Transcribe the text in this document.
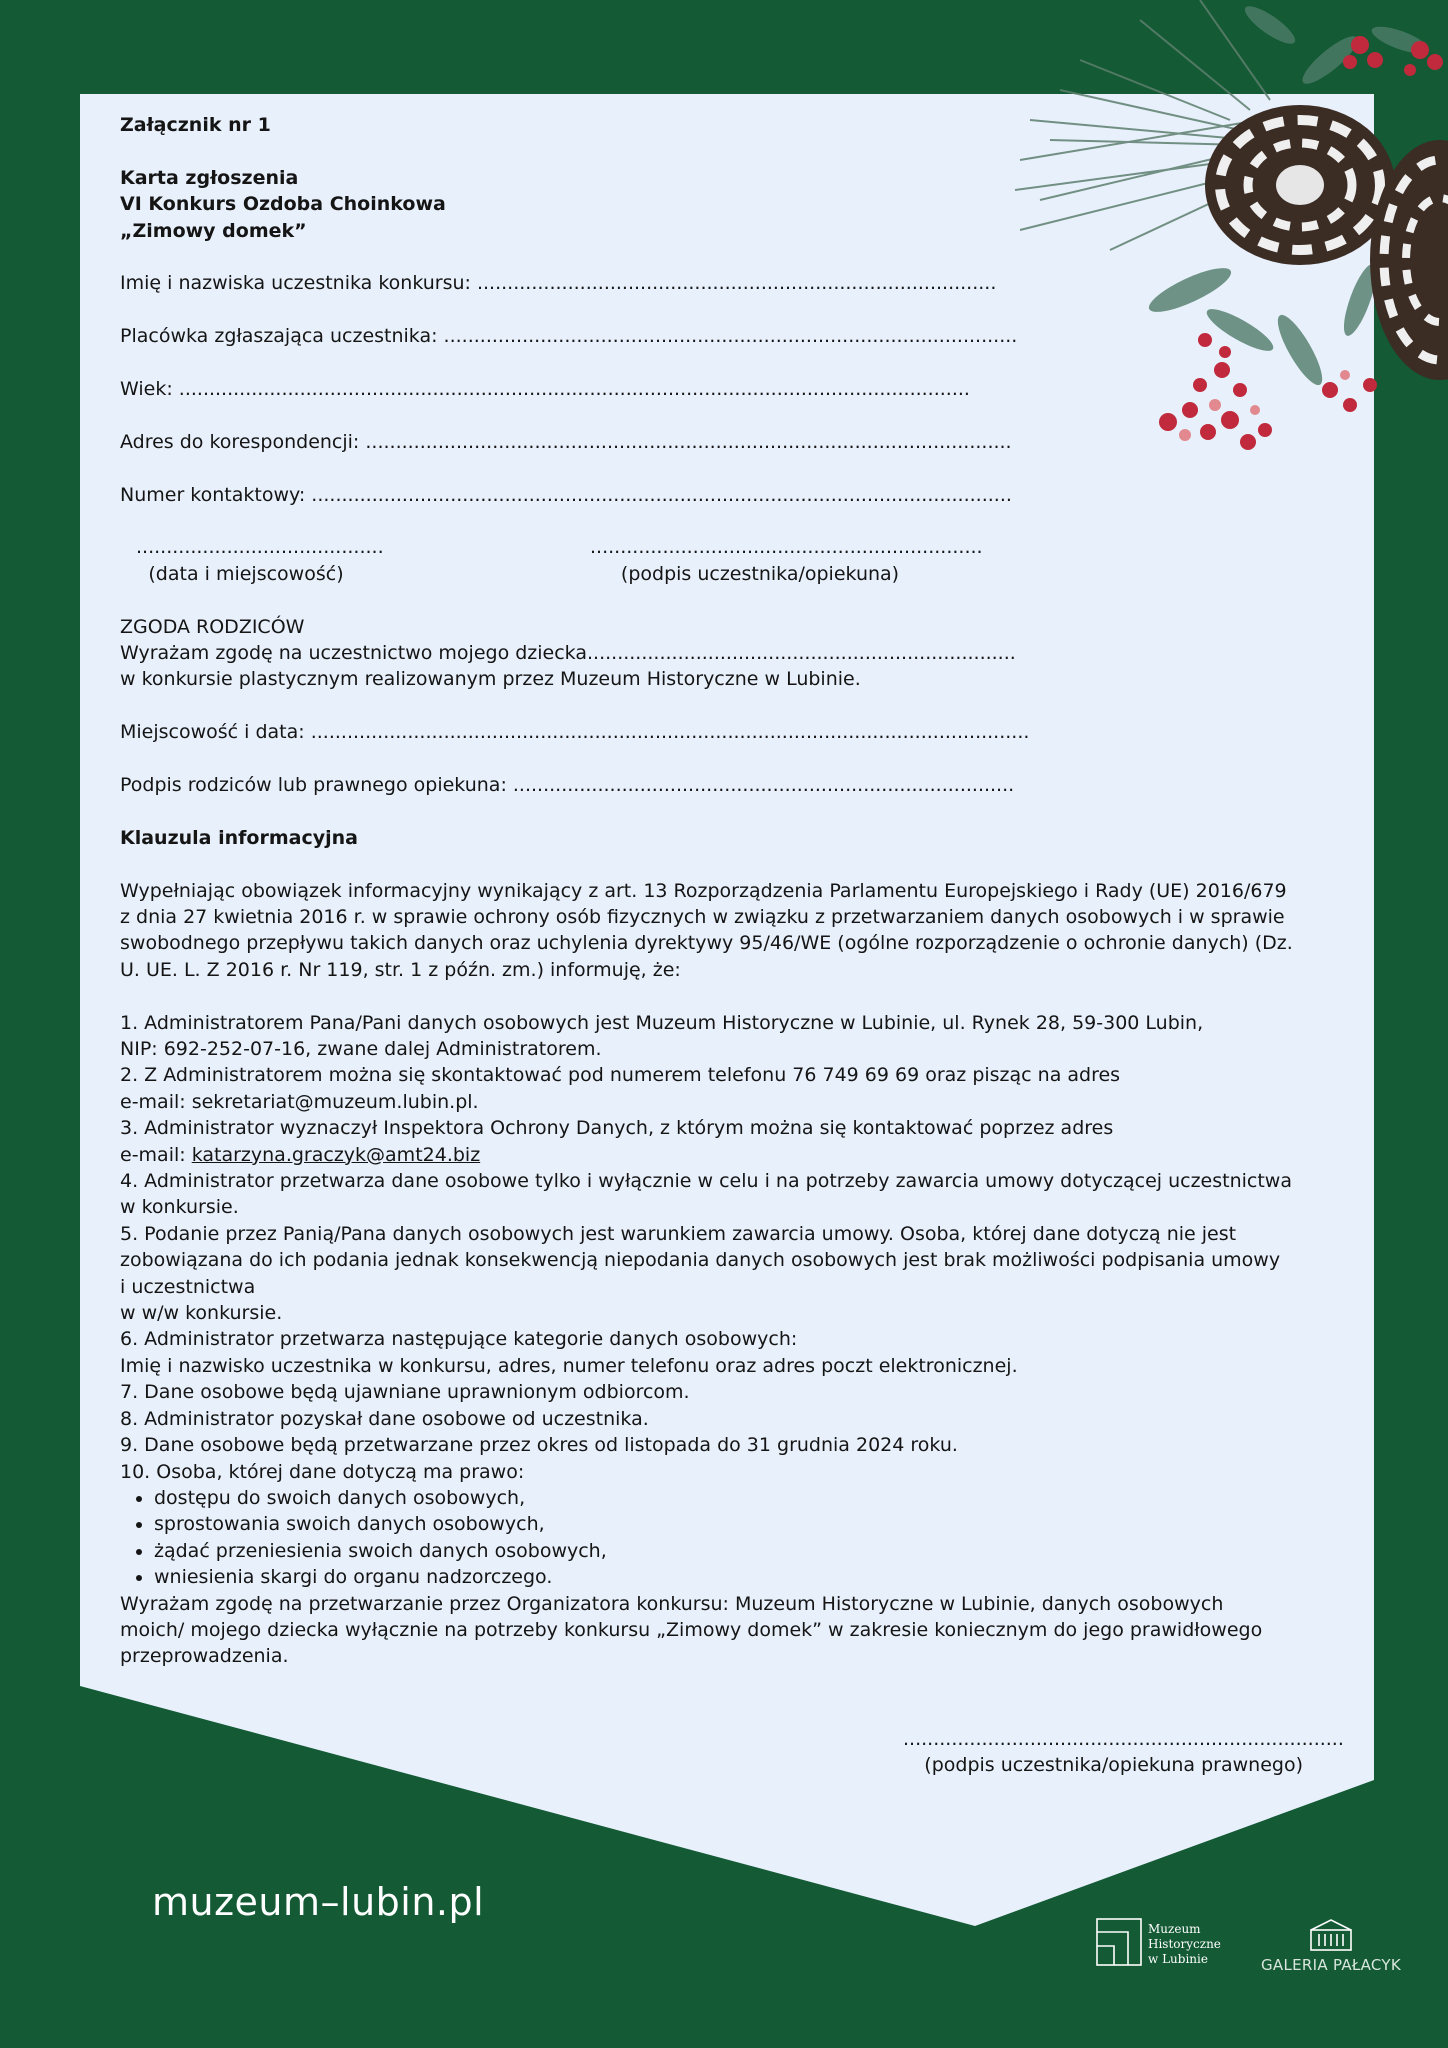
Załącznik nr 1

Karta zgłoszenia

VI Konkurs Ozdoba Choinkowa

„Zimowy domek”

Imię i nazwiska uczestnika konkursu: ......................................................................................

Placówka zgłaszająca uczestnika: ...............................................................................................

Wiek: ...................................................................................................................................

Adres do korespondencji: ...........................................................................................................

Numer kontaktowy: ....................................................................................................................

.........................................

(data i miejscowość)

.................................................................

(podpis uczestnika/opiekuna)

ZGODA RODZICÓW

Wyrażam zgodę na uczestnictwo mojego dziecka.......................................................................

w konkursie plastycznym realizowanym przez Muzeum Historyczne w Lubinie.

Miejscowość i data: .......................................................................................................................

Podpis rodziców lub prawnego opiekuna: ...................................................................................

Klauzula informacyjna

Wypełniając obowiązek informacyjny wynikający z art. 13 Rozporządzenia Parlamentu Europejskiego i Rady (UE) 2016/679 z dnia 27 kwietnia 2016 r. w sprawie ochrony osób fizycznych w związku z przetwarzaniem danych osobowych i w sprawie swobodnego przepływu takich danych oraz uchylenia dyrektywy 95/46/WE (ogólne rozporządzenie o ochronie danych) (Dz. U. UE. L. Z 2016 r. Nr 119, str. 1 z późn. zm.) informuję, że:

1. Administratorem Pana/Pani danych osobowych jest Muzeum Historyczne w Lubinie, ul. Rynek 28, 59-300 Lubin,

NIP: 692-252-07-16, zwane dalej Administratorem.

2. Z Administratorem można się skontaktować pod numerem telefonu 76 749 69 69 oraz pisząc na adres

e-mail: sekretariat@muzeum.lubin.pl.

3. Administrator wyznaczył Inspektora Ochrony Danych, z którym można się kontaktować poprzez adres

e-mail: katarzyna.graczyk@amt24.biz

4. Administrator przetwarza dane osobowe tylko i wyłącznie w celu i na potrzeby zawarcia umowy dotyczącej uczestnictwa

w konkursie.

5. Podanie przez Panią/Pana danych osobowych jest warunkiem zawarcia umowy. Osoba, której dane dotyczą nie jest

zobowiązana do ich podania jednak konsekwencją niepodania danych osobowych jest brak możliwości podpisania umowy

i uczestnictwa

w w/w konkursie.

6. Administrator przetwarza następujące kategorie danych osobowych:

Imię i nazwisko uczestnika w konkursu, adres, numer telefonu oraz adres poczt elektronicznej.

7. Dane osobowe będą ujawniane uprawnionym odbiorcom.

8. Administrator pozyskał dane osobowe od uczestnika.

9. Dane osobowe będą przetwarzane przez okres od listopada do 31 grudnia 2024 roku.

10. Osoba, której dane dotyczą ma prawo:

• dostępu do swoich danych osobowych,
• sprostowania swoich danych osobowych,
• żądać przeniesienia swoich danych osobowych,
• wniesienia skargi do organu nadzorczego.

Wyrażam zgodę na przetwarzanie przez Organizatora konkursu: Muzeum Historyczne w Lubinie, danych osobowych

moich/ mojego dziecka wyłącznie na potrzeby konkursu „Zimowy domek” w zakresie koniecznym do jego prawidłowego

przeprowadzenia.

.........................................................................

(podpis uczestnika/opiekuna prawnego)

muzeum–lubin.pl
Muzeum
Historyczne
w Lubinie	GALERIA PAŁACYK
